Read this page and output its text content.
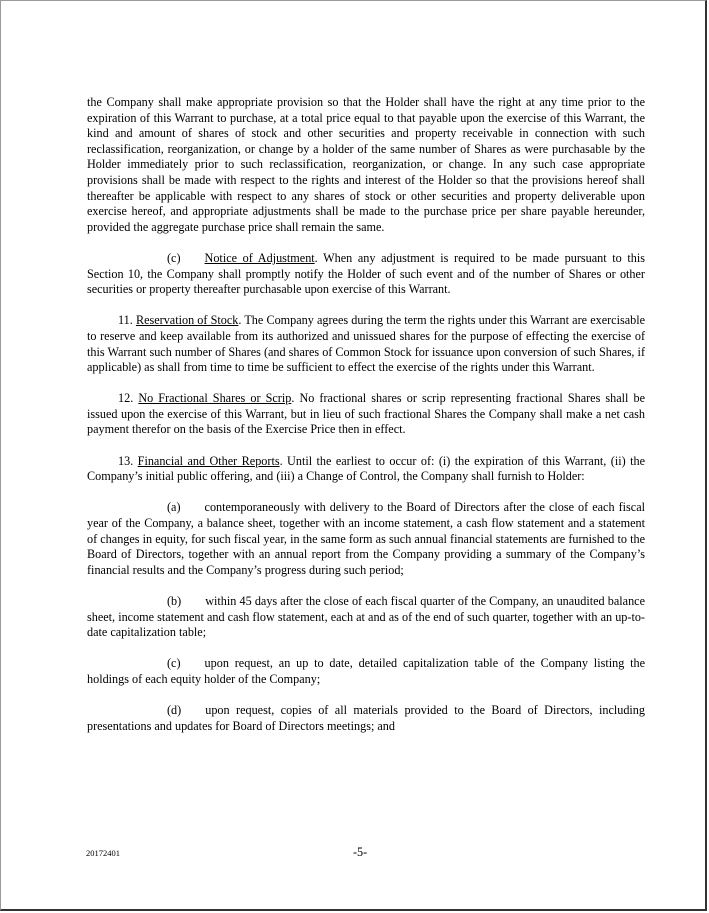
the Company shall make appropriate provision so that the Holder shall have the right at any time prior to the expiration of this Warrant to purchase, at a total price equal to that payable upon the exercise of this Warrant, the kind and amount of shares of stock and other securities and property receivable in connection with such reclassification, reorganization, or change by a holder of the same number of Shares as were purchasable by the Holder immediately prior to such reclassification, reorganization, or change. In any such case appropriate provisions shall be made with respect to the rights and interest of the Holder so that the provisions hereof shall thereafter be applicable with respect to any shares of stock or other securities and property deliverable upon exercise hereof, and appropriate adjustments shall be made to the purchase price per share payable hereunder, provided the aggregate purchase price shall remain the same.

(c) Notice of Adjustment. When any adjustment is required to be made pursuant to this Section 10, the Company shall promptly notify the Holder of such event and of the number of Shares or other securities or property thereafter purchasable upon exercise of this Warrant.

11. Reservation of Stock. The Company agrees during the term the rights under this Warrant are exercisable to reserve and keep available from its authorized and unissued shares for the purpose of effecting the exercise of this Warrant such number of Shares (and shares of Common Stock for issuance upon conversion of such Shares, if applicable) as shall from time to time be sufficient to effect the exercise of the rights under this Warrant.

12. No Fractional Shares or Scrip. No fractional shares or scrip representing fractional Shares shall be issued upon the exercise of this Warrant, but in lieu of such fractional Shares the Company shall make a net cash payment therefor on the basis of the Exercise Price then in effect.

13. Financial and Other Reports. Until the earliest to occur of: (i) the expiration of this Warrant, (ii) the Company’s initial public offering, and (iii) a Change of Control, the Company shall furnish to Holder:

(a) contemporaneously with delivery to the Board of Directors after the close of each fiscal year of the Company, a balance sheet, together with an income statement, a cash flow statement and a statement of changes in equity, for such fiscal year, in the same form as such annual financial statements are furnished to the Board of Directors, together with an annual report from the Company providing a summary of the Company’s financial results and the Company’s progress during such period;

(b) within 45 days after the close of each fiscal quarter of the Company, an unaudited balance sheet, income statement and cash flow statement, each at and as of the end of such quarter, together with an up-to-date capitalization table;

(c) upon request, an up to date, detailed capitalization table of the Company listing the holdings of each equity holder of the Company;

(d) upon request, copies of all materials provided to the Board of Directors, including presentations and updates for Board of Directors meetings; and

20172401	-5-
